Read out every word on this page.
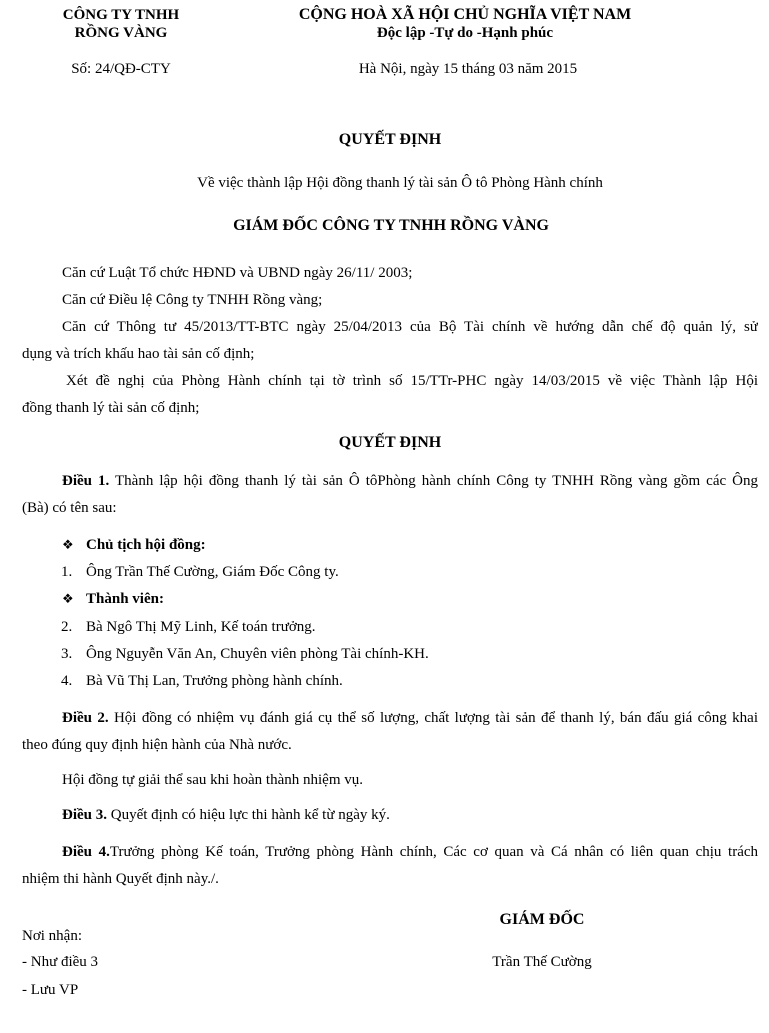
CÔNG TY TNHH
RỒNG VÀNG
Số: 24/QĐ-CTY
CỘNG HOÀ XÃ HỘI CHỦ NGHĨA VIỆT NAM
Độc lập -Tự do -Hạnh phúc
Hà Nội, ngày 15 tháng 03 năm 2015
QUYẾT ĐỊNH
Về việc thành lập Hội đồng thanh lý tài sản Ô tô Phòng Hành chính
GIÁM ĐỐC CÔNG TY TNHH RỒNG VÀNG
Căn cứ Luật Tổ chức HĐND và UBND ngày 26/11/ 2003;
Căn cứ Điều lệ Công ty TNHH Rồng vàng;
Căn cứ Thông tư 45/2013/TT-BTC ngày 25/04/2013 của Bộ Tài chính về hướng dẫn chế độ quản lý, sử
dụng và trích khấu hao tài sản cố định;
Xét đề nghị của Phòng Hành chính tại tờ trình số 15/TTr-PHC ngày 14/03/2015 về việc Thành lập Hội
đồng thanh lý tài sản cố định;
QUYẾT ĐỊNH
Điều 1. Thành lập hội đồng thanh lý tài sản Ô tôPhòng hành chính Công ty TNHH Rồng vàng gồm các Ông
(Bà) có tên sau:
❖ Chủ tịch hội đồng:
1. Ông Trần Thế Cường, Giám Đốc Công ty.
❖ Thành viên:
2. Bà Ngô Thị Mỹ Linh, Kế toán trưởng.
3. Ông Nguyễn Văn An, Chuyên viên phòng Tài chính-KH.
4. Bà Vũ Thị Lan, Trưởng phòng hành chính.
Điều 2. Hội đồng có nhiệm vụ đánh giá cụ thể số lượng, chất lượng tài sản để thanh lý, bán đấu giá công khai
theo đúng quy định hiện hành của Nhà nước.
Hội đồng tự giải thể sau khi hoàn thành nhiệm vụ.
Điều 3. Quyết định có hiệu lực thi hành kể từ ngày ký.
Điều 4.Trưởng phòng Kế toán, Trưởng phòng Hành chính, Các cơ quan và Cá nhân có liên quan chịu trách
nhiệm thi hành Quyết định này./.
GIÁM ĐỐC
Nơi nhận:
- Như điều 3	Trần Thế Cường
- Lưu VP
